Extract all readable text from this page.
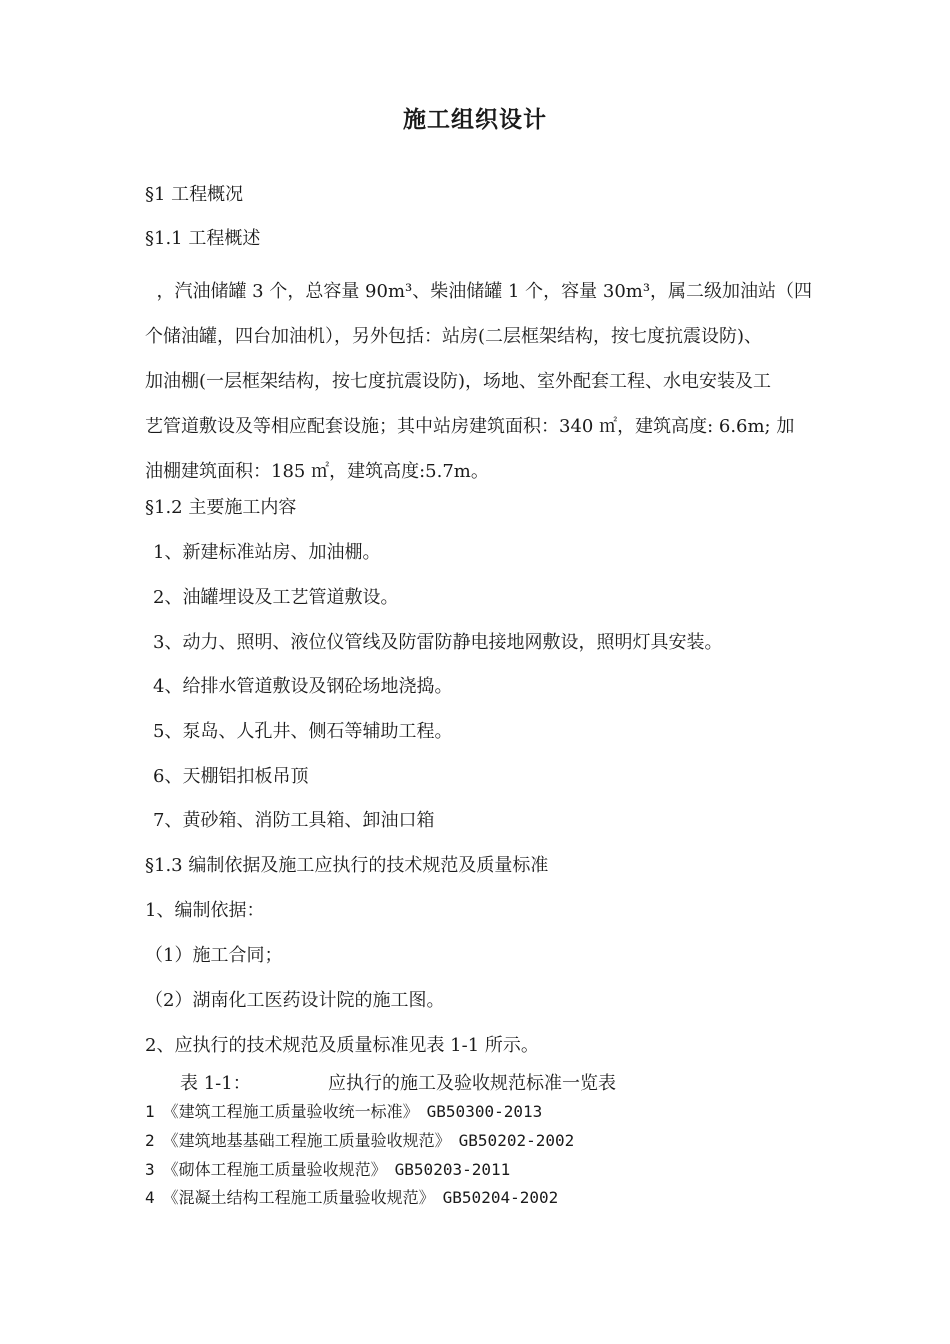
施工组织设计
§1 工程概况
§1.1 工程概述
，汽油储罐 3 个，总容量 90m³、柴油储罐 1 个，容量 30m³，属二级加油站（四
个储油罐，四台加油机），另外包括：站房(二层框架结构，按七度抗震设防)、
加油棚(一层框架结构，按七度抗震设防)，场地、室外配套工程、水电安装及工
艺管道敷设及等相应配套设施；其中站房建筑面积：340 ㎡，建筑高度: 6.6m; 加
油棚建筑面积：185 ㎡，建筑高度:5.7m。
§1.2 主要施工内容
1、新建标准站房、加油棚。
2、油罐埋设及工艺管道敷设。
3、动力、照明、液位仪管线及防雷防静电接地网敷设，照明灯具安装。
4、给排水管道敷设及钢砼场地浇捣。
5、泵岛、人孔井、侧石等辅助工程。
6、天棚铝扣板吊顶
7、黄砂箱、消防工具箱、卸油口箱
§1.3 编制依据及施工应执行的技术规范及质量标准
1、编制依据：
（1）施工合同；
（2）湖南化工医药设计院的施工图。
2、应执行的技术规范及质量标准见表 1-1 所示。
表 1-1：	应执行的施工及验收规范标准一览表
1 《建筑工程施工质量验收统一标准》 GB50300-2013
2 《建筑地基基础工程施工质量验收规范》 GB50202-2002
3 《砌体工程施工质量验收规范》 GB50203-2011
4 《混凝土结构工程施工质量验收规范》 GB50204-2002
